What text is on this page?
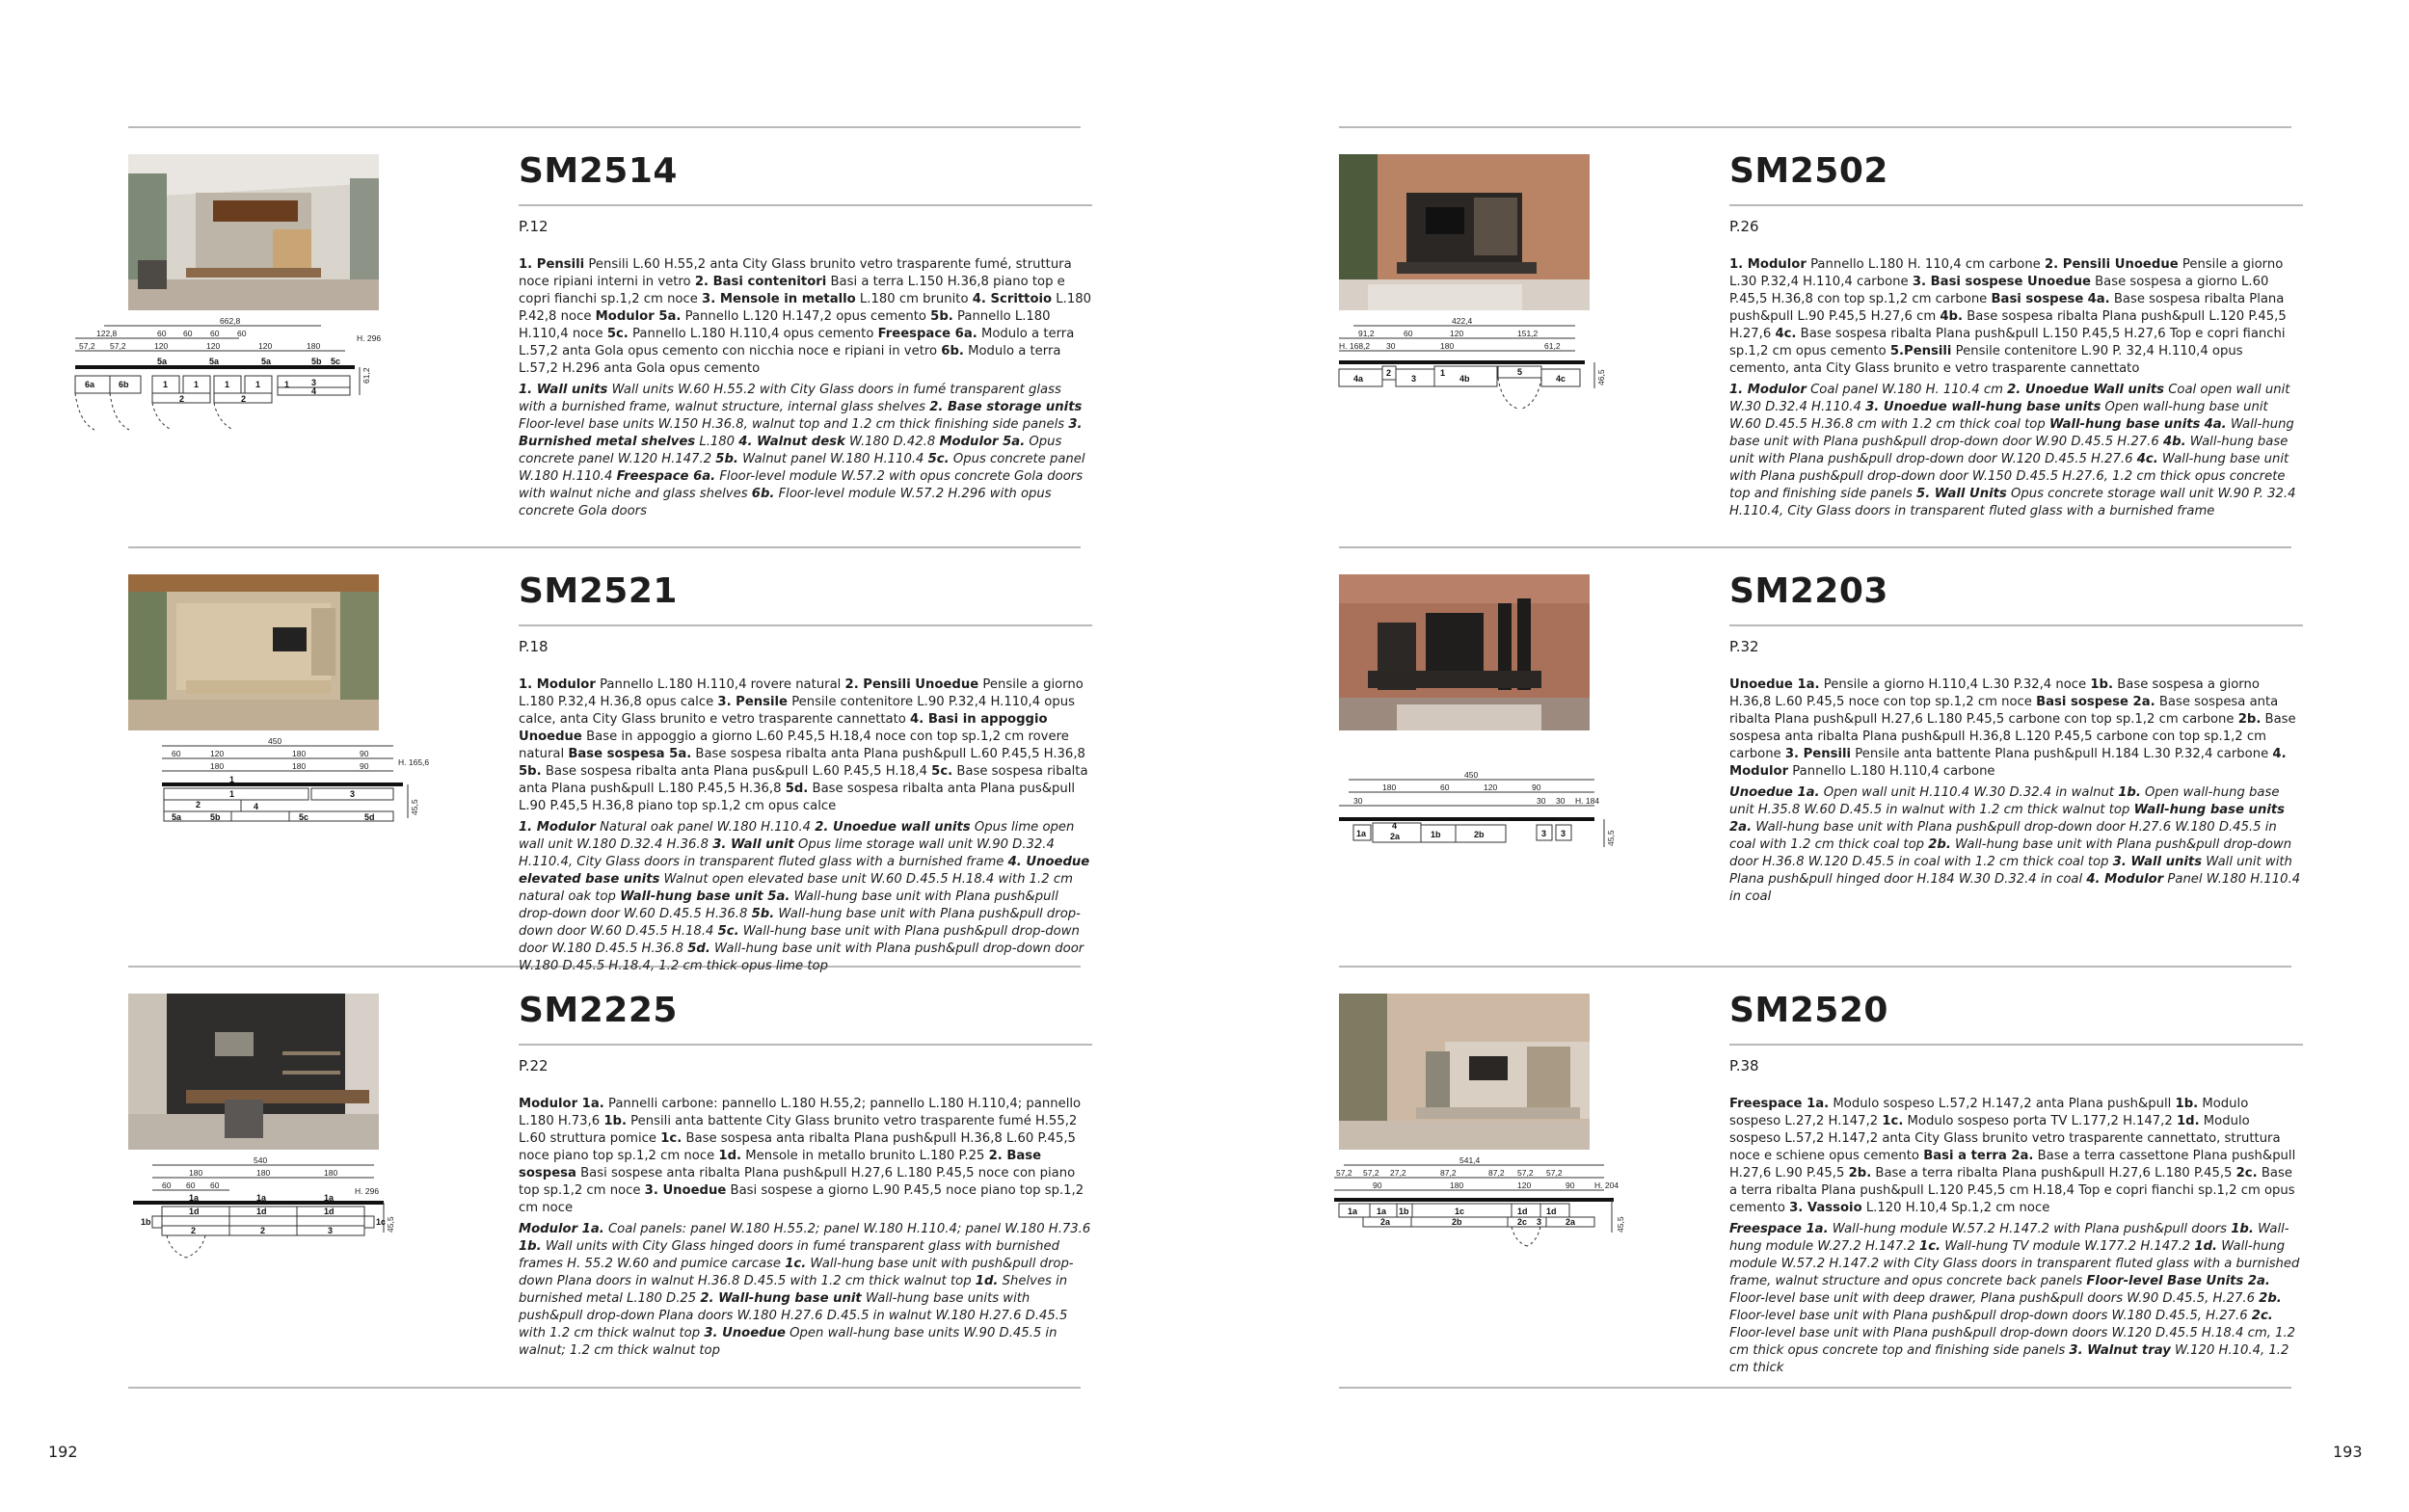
662,8
122,8	60 60 60 60
57,2 57,2	120	120	120	180
H. 296
61,2
5a	5a	5a	5b 5c
6a	6b	1	1	1	1	1
2	2
3
4
SM2514
P.12

1. Pensili Pensili L.60 H.55,2 anta City Glass brunito vetro trasparente fumé, struttura noce ripiani interni in vetro 2. Basi contenitori Basi a terra L.150 H.36,8 piano top e copri fianchi sp.1,2 cm noce 3. Mensole in metallo L.180 cm brunito 4. Scrittoio L.180 P.42,8 noce Modulor 5a. Pannello L.120 H.147,2 opus cemento 5b. Pannello L.180 H.110,4 noce 5c. Pannello L.180 H.110,4 opus cemento Freespace 6a. Modulo a terra L.57,2 anta Gola opus cemento con nicchia noce e ripiani in vetro 6b. Modulo a terra L.57,2 H.296 anta Gola opus cemento

1. Wall units Wall units W.60 H.55.2 with City Glass doors in fumé transparent glass with a burnished frame, walnut structure, internal glass shelves 2. Base storage units Floor-level base units W.150 H.36.8, walnut top and 1.2 cm thick finishing side panels 3. Burnished metal shelves L.180 4. Walnut desk W.180 D.42.8 Modulor 5a. Opus concrete panel W.120 H.147.2 5b. Walnut panel W.180 H.110.4 5c. Opus concrete panel W.180 H.110.4 Freespace 6a. Floor-level module W.57.2 with opus concrete Gola doors with walnut niche and glass shelves 6b. Floor-level module W.57.2 H.296 with opus concrete Gola doors

422,4
91,2	60	120	151,2
H. 168,2 30	180	61,2
46,5
4a
2
3
1
4b
5
4c
SM2502
P.26

1. Modulor Pannello L.180 H. 110,4 cm carbone 2. Pensili Unoedue Pensile a giorno L.30 P.32,4 H.110,4 carbone 3. Basi sospese Unoedue Base sospesa a giorno L.60 P.45,5 H.36,8 con top sp.1,2 cm carbone Basi sospese 4a. Base sospesa ribalta Plana push&pull L.90 P.45,5 H.27,6 cm 4b. Base sospesa ribalta Plana push&pull L.120 P.45,5 H.27,6 4c. Base sospesa ribalta Plana push&pull L.150 P.45,5 H.27,6 Top e copri fianchi sp.1,2 cm opus cemento 5.Pensili Pensile contenitore L.90 P. 32,4 H.110,4 opus cemento, anta City Glass brunito e vetro trasparente cannettato

1. Modulor Coal panel W.180 H. 110.4 cm 2. Unoedue Wall units Coal open wall unit W.30 D.32.4 H.110.4 3. Unoedue wall-hung base units Open wall-hung base unit W.60 D.45.5 H.36.8 cm with 1.2 cm thick coal top Wall-hung base units 4a. Wall-hung base unit with Plana push&pull drop-down door W.90 D.45.5 H.27.6 4b. Wall-hung base unit with Plana push&pull drop-down door W.120 D.45.5 H.27.6 4c. Wall-hung base unit with Plana push&pull drop-down door W.150 D.45.5 H.27.6, 1.2 cm thick opus concrete top and finishing side panels 5. Wall Units Opus concrete storage wall unit W.90 P. 32.4 H.110.4, City Glass doors in transparent fluted glass with a burnished frame

450
60	120	180	90
180	180	90	H. 165,6
45,5
1
1
2
3
4
5a	5b	5c	5d
SM2521
P.18

1. Modulor Pannello L.180 H.110,4 rovere natural 2. Pensili Unoedue Pensile a giorno L.180 P.32,4 H.36,8 opus calce 3. Pensile Pensile contenitore L.90 P.32,4 H.110,4 opus calce, anta City Glass brunito e vetro trasparente cannettato 4. Basi in appoggio Unoedue Base in appoggio a giorno L.60 P.45,5 H.18,4 noce con top sp.1,2 cm rovere natural Base sospesa 5a. Base sospesa ribalta anta Plana push&pull L.60 P.45,5 H.36,8 5b. Base sospesa ribalta anta Plana pus&pull L.60 P.45,5 H.18,4 5c. Base sospesa ribalta anta Plana push&pull L.180 P.45,5 H.36,8 5d. Base sospesa ribalta anta Plana pus&pull L.90 P.45,5 H.36,8 piano top sp.1,2 cm opus calce

1. Modulor Natural oak panel W.180 H.110.4 2. Unoedue wall units Opus lime open wall unit W.180 D.32.4 H.36.8 3. Wall unit Opus lime storage wall unit W.90 D.32.4 H.110.4, City Glass doors in transparent fluted glass with a burnished frame 4. Unoedue elevated base units Walnut open elevated base unit W.60 D.45.5 H.18.4 with 1.2 cm natural oak top Wall-hung base unit 5a. Wall-hung base unit with Plana push&pull drop-down door W.60 D.45.5 H.36.8 5b. Wall-hung base unit with Plana push&pull drop-down door W.60 D.45.5 H.18.4 5c. Wall-hung base unit with Plana push&pull drop-down door W.180 D.45.5 H.36.8 5d. Wall-hung base unit with Plana push&pull drop-down door W.180 D.45.5 H.18.4, 1.2 cm thick opus lime top

450
180	60	120	90
30	30 30 H. 184
45,5
1a
4
2a	1b	2b	3 3
SM2203
P.32

Unoedue 1a. Pensile a giorno H.110,4 L.30 P.32,4 noce 1b. Base sospesa a giorno H.36,8 L.60 P.45,5 noce con top sp.1,2 cm noce Basi sospese 2a. Base sospesa anta ribalta Plana push&pull H.27,6 L.180 P.45,5 carbone con top sp.1,2 cm carbone 2b. Base sospesa anta ribalta Plana push&pull H.36,8 L.120 P.45,5 carbone con top sp.1,2 cm carbone 3. Pensili Pensile anta battente Plana push&pull H.184 L.30 P.32,4 carbone 4. Modulor Pannello L.180 H.110,4 carbone

Unoedue 1a. Open wall unit H.110.4 W.30 D.32.4 in walnut 1b. Open wall-hung base unit H.35.8 W.60 D.45.5 in walnut with 1.2 cm thick walnut top Wall-hung base units 2a. Wall-hung base unit with Plana push&pull drop-down door H.27.6 W.180 D.45.5 in coal with 1.2 cm thick coal top 2b. Wall-hung base unit with Plana push&pull drop-down door H.36.8 W.120 D.45.5 in coal with 1.2 cm thick coal top 3. Wall units Wall unit with Plana push&pull hinged door H.184 W.30 D.32.4 in coal 4. Modulor Panel W.180 H.110.4 in coal

540
180	180	180
60 60 60
H. 296
45,5
1a	1a	1a
1d	1d	1d
1b	1c
2	2	3
SM2225
P.22

Modulor 1a. Pannelli carbone: pannello L.180 H.55,2; pannello L.180 H.110,4; pannello L.180 H.73,6 1b. Pensili anta battente City Glass brunito vetro trasparente fumé H.55,2 L.60 struttura pomice 1c. Base sospesa anta ribalta Plana push&pull H.36,8 L.60 P.45,5 noce piano top sp.1,2 cm noce 1d. Mensole in metallo brunito L.180 P.25 2. Base sospesa Basi sospese anta ribalta Plana push&pull H.27,6 L.180 P.45,5 noce con piano top sp.1,2 cm noce 3. Unoedue Basi sospese a giorno L.90 P.45,5 noce piano top sp.1,2 cm noce

Modulor 1a. Coal panels: panel W.180 H.55.2; panel W.180 H.110.4; panel W.180 H.73.6 1b. Wall units with City Glass hinged doors in fumé transparent glass with burnished frames H. 55.2 W.60 and pumice carcase 1c. Wall-hung base unit with push&pull drop-down Plana doors in walnut H.36.8 D.45.5 with 1.2 cm thick walnut top 1d. Shelves in burnished metal L.180 D.25 2. Wall-hung base unit Wall-hung base units with push&pull drop-down Plana doors W.180 H.27.6 D.45.5 in walnut W.180 H.27.6 D.45.5 with 1.2 cm thick walnut top 3. Unoedue Open wall-hung base units W.90 D.45.5 in walnut; 1.2 cm thick walnut top

541,4
57,2 57,2 27,2	87,2	87,2 57,2 57,2
90	180	120	90 H. 204
45,5
1a 1a 1b	1c	1d 1d
2a	2b	2c 3	2a
SM2520
P.38

Freespace 1a. Modulo sospeso L.57,2 H.147,2 anta Plana push&pull 1b. Modulo sospeso L.27,2 H.147,2 1c. Modulo sospeso porta TV L.177,2 H.147,2 1d. Modulo sospeso L.57,2 H.147,2 anta City Glass brunito vetro trasparente cannettato, struttura noce e schiene opus cemento Basi a terra 2a. Base a terra cassettone Plana push&pull H.27,6 L.90 P.45,5 2b. Base a terra ribalta Plana push&pull H.27,6 L.180 P.45,5 2c. Base a terra ribalta Plana push&pull L.120 P.45,5 cm H.18,4 Top e copri fianchi sp.1,2 cm opus cemento 3. Vassoio L.120 H.10,4 Sp.1,2 cm noce

Freespace 1a. Wall-hung module W.57.2 H.147.2 with Plana push&pull doors 1b. Wall-hung module W.27.2 H.147.2 1c. Wall-hung TV module W.177.2 H.147.2 1d. Wall-hung module W.57.2 H.147.2 with City Glass doors in transparent fluted glass with a burnished frame, walnut structure and opus concrete back panels Floor-level Base Units 2a. Floor-level base unit with deep drawer, Plana push&pull doors W.90 D.45.5, H.27.6 2b. Floor-level base unit with Plana push&pull drop-down doors W.180 D.45.5, H.27.6 2c. Floor-level base unit with Plana push&pull drop-down doors W.120 D.45.5 H.18.4 cm, 1.2 cm thick opus concrete top and finishing side panels 3. Walnut tray W.120 H.10.4, 1.2 cm thick

192	193
